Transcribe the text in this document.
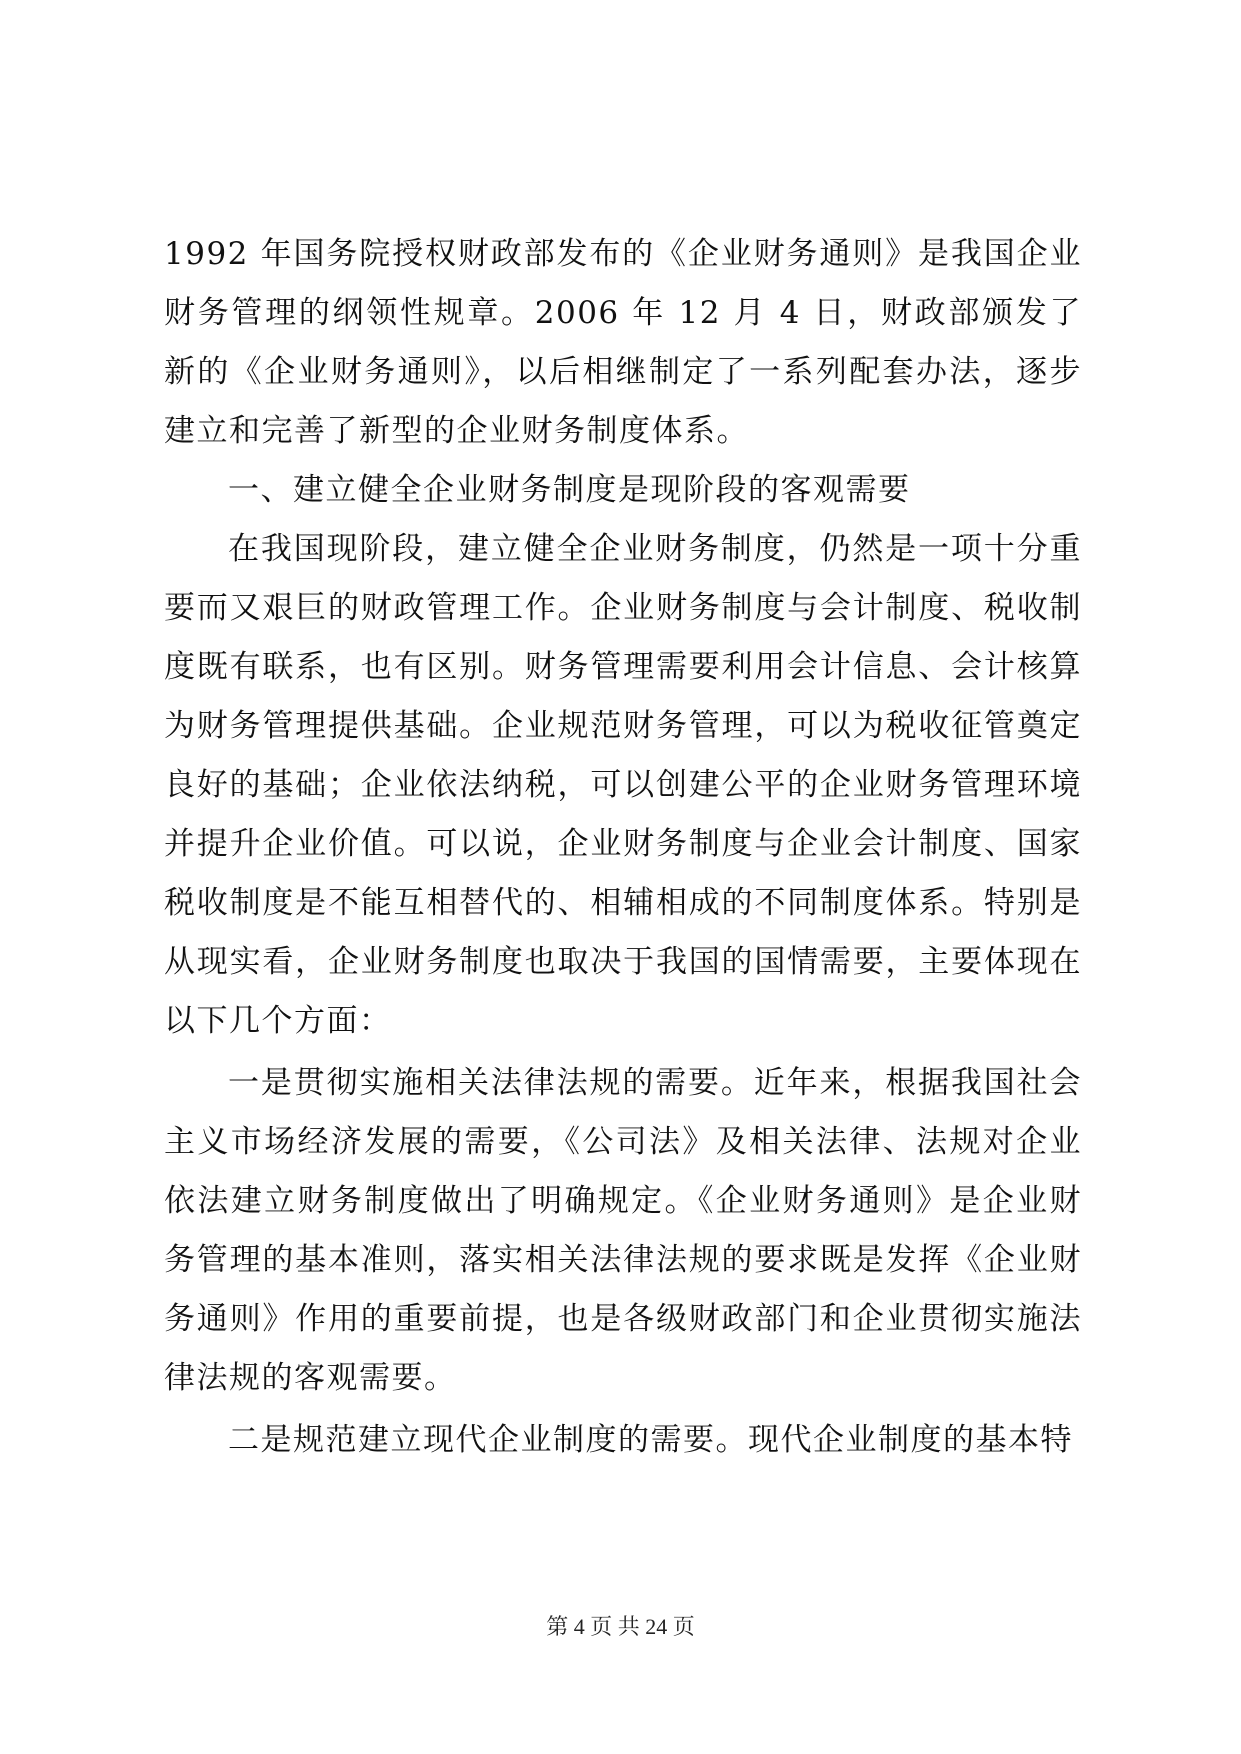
1992 年国务院授权财政部发布的《企业财务通则》是我国企业财务管理的纲领性规章。2006 年 12 月 4 日，财政部颁发了新的《企业财务通则》，以后相继制定了一系列配套办法，逐步建立和完善了新型的企业财务制度体系。

一、建立健全企业财务制度是现阶段的客观需要

在我国现阶段，建立健全企业财务制度，仍然是一项十分重要而又艰巨的财政管理工作。企业财务制度与会计制度、税收制度既有联系，也有区别。财务管理需要利用会计信息、会计核算为财务管理提供基础。企业规范财务管理，可以为税收征管奠定良好的基础；企业依法纳税，可以创建公平的企业财务管理环境并提升企业价值。可以说，企业财务制度与企业会计制度、国家税收制度是不能互相替代的、相辅相成的不同制度体系。特别是从现实看，企业财务制度也取决于我国的国情需要，主要体现在以下几个方面：

一是贯彻实施相关法律法规的需要。近年来，根据我国社会主义市场经济发展的需要，《公司法》及相关法律、法规对企业依法建立财务制度做出了明确规定。《企业财务通则》是企业财务管理的基本准则，落实相关法律法规的要求既是发挥《企业财务通则》作用的重要前提，也是各级财政部门和企业贯彻实施法律法规的客观需要。

二是规范建立现代企业制度的需要。现代企业制度的基本特

第 4 页 共 24 页
